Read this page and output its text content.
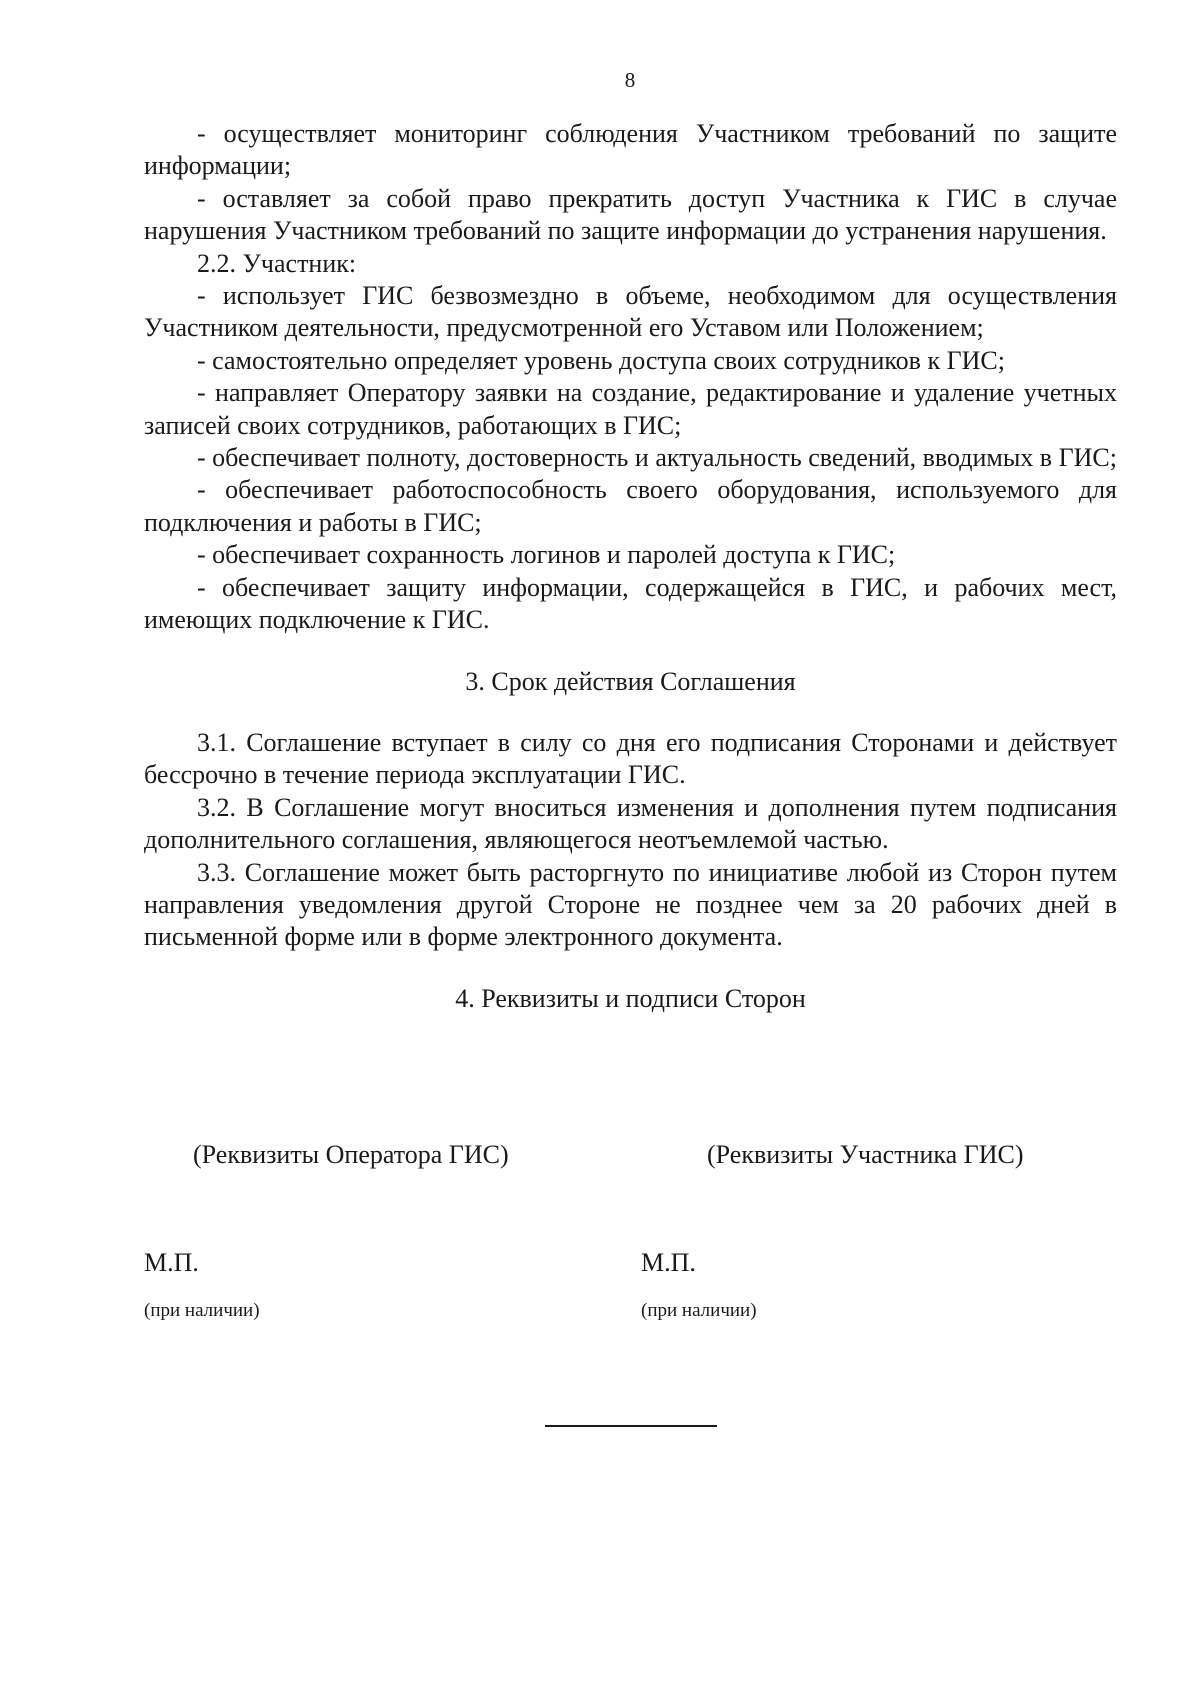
8

- осуществляет мониторинг соблюдения Участником требований по защите информации;

- оставляет за собой право прекратить доступ Участника к ГИС в случае нарушения Участником требований по защите информации до устранения нарушения.

2.2. Участник:

- использует ГИС безвозмездно в объеме, необходимом для осуществления Участником деятельности, предусмотренной его Уставом или Положением;

- самостоятельно определяет уровень доступа своих сотрудников к ГИС;

- направляет Оператору заявки на создание, редактирование и удаление учетных записей своих сотрудников, работающих в ГИС;

- обеспечивает полноту, достоверность и актуальность сведений, вводимых в ГИС;

- обеспечивает работоспособность своего оборудования, используемого для подключения и работы в ГИС;

- обеспечивает сохранность логинов и паролей доступа к ГИС;

- обеспечивает защиту информации, содержащейся в ГИС, и рабочих мест, имеющих подключение к ГИС.

3. Срок действия Соглашения

3.1. Соглашение вступает в силу со дня его подписания Сторонами и действует бессрочно в течение периода эксплуатации ГИС.

3.2. В Соглашение могут вноситься изменения и дополнения путем подписания дополнительного соглашения, являющегося неотъемлемой частью.

3.3. Соглашение может быть расторгнуто по инициативе любой из Сторон путем направления уведомления другой Стороне не позднее чем за 20 рабочих дней в письменной форме или в форме электронного документа.

4. Реквизиты и подписи Сторон

(Реквизиты Оператора ГИС)	(Реквизиты Участника ГИС)
М.П.	М.П.
(при наличии)	(при наличии)
